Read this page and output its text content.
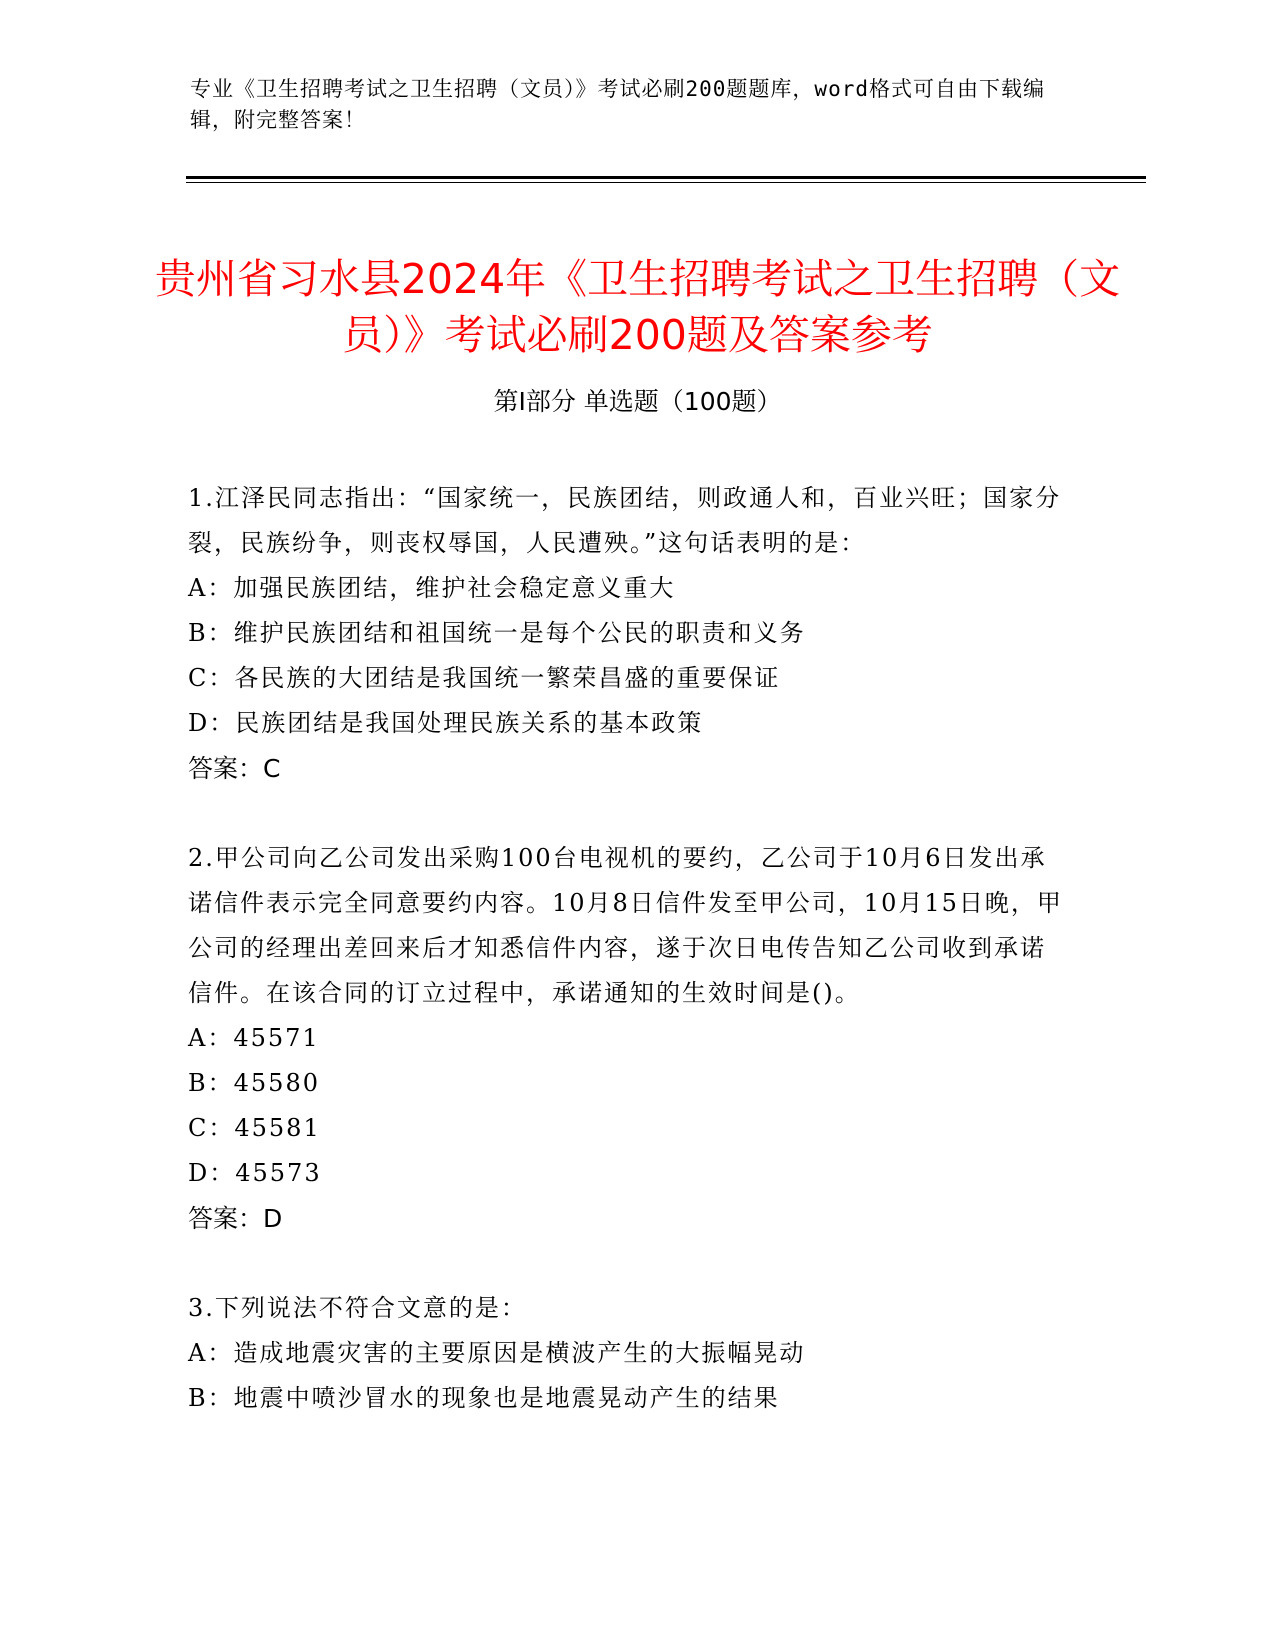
专业《卫生招聘考试之卫生招聘（文员）》考试必刷200题题库，word格式可自由下载编辑，附完整答案！
贵州省习水县2024年《卫生招聘考试之卫生招聘（文员）》考试必刷200题及答案参考
第I部分 单选题（100题）
1.江泽民同志指出：“国家统一，民族团结，则政通人和，百业兴旺；国家分裂，民族纷争，则丧权辱国，人民遭殃。”这句话表明的是：
A：加强民族团结，维护社会稳定意义重大
B：维护民族团结和祖国统一是每个公民的职责和义务
C：各民族的大团结是我国统一繁荣昌盛的重要保证
D：民族团结是我国处理民族关系的基本政策
答案：C
2.甲公司向乙公司发出采购100台电视机的要约，乙公司于10月6日发出承诺信件表示完全同意要约内容。10月8日信件发至甲公司，10月15日晚，甲公司的经理出差回来后才知悉信件内容，遂于次日电传告知乙公司收到承诺信件。在该合同的订立过程中，承诺通知的生效时间是()。
A：45571
B：45580
C：45581
D：45573
答案：D
3.下列说法不符合文意的是：
A：造成地震灾害的主要原因是横波产生的大振幅晃动
B：地震中喷沙冒水的现象也是地震晃动产生的结果
